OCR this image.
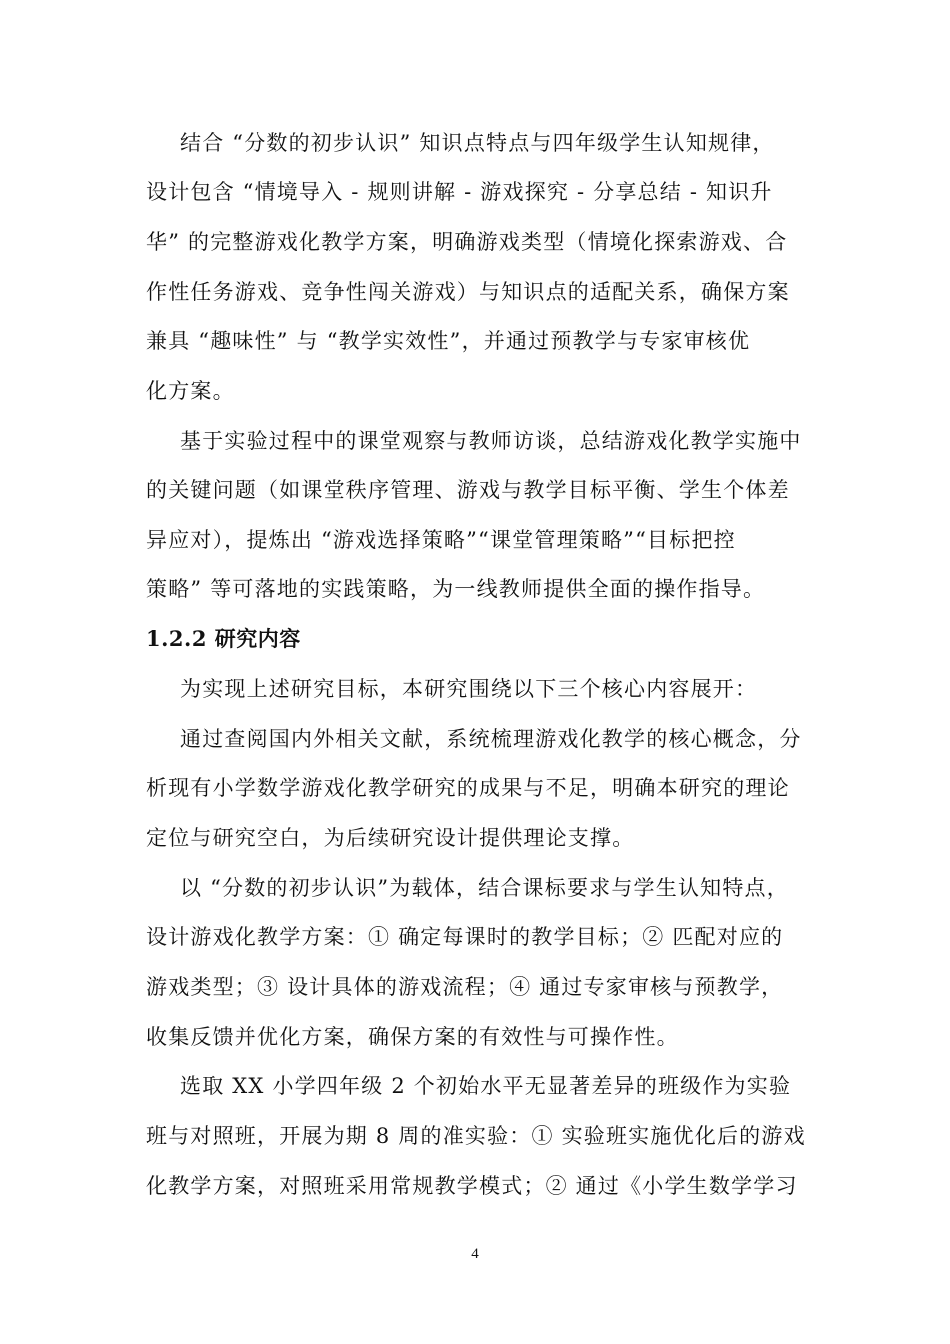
结合 “分数的初步认识” 知识点特点与四年级学生认知规律，
设计包含 “情境导入 - 规则讲解 - 游戏探究 - 分享总结 - 知识升
华” 的完整游戏化教学方案，明确游戏类型（情境化探索游戏、合
作性任务游戏、竞争性闯关游戏）与知识点的适配关系，确保方案
兼具 “趣味性” 与 “教学实效性”，并通过预教学与专家审核优
化方案。
基于实验过程中的课堂观察与教师访谈，总结游戏化教学实施中
的关键问题（如课堂秩序管理、游戏与教学目标平衡、学生个体差
异应对），提炼出 “游戏选择策略”“课堂管理策略”“目标把控
策略” 等可落地的实践策略，为一线教师提供全面的操作指导。
1.2.2 研究内容
为实现上述研究目标，本研究围绕以下三个核心内容展开：
通过查阅国内外相关文献，系统梳理游戏化教学的核心概念，分
析现有小学数学游戏化教学研究的成果与不足，明确本研究的理论
定位与研究空白，为后续研究设计提供理论支撑。
以 “分数的初步认识”为载体，结合课标要求与学生认知特点，
设计游戏化教学方案：① 确定每课时的教学目标；② 匹配对应的
游戏类型；③ 设计具体的游戏流程；④ 通过专家审核与预教学，
收集反馈并优化方案，确保方案的有效性与可操作性。
选取 XX 小学四年级 2 个初始水平无显著差异的班级作为实验
班与对照班，开展为期 8 周的准实验：① 实验班实施优化后的游戏
化教学方案，对照班采用常规教学模式；② 通过《小学生数学学习
4
